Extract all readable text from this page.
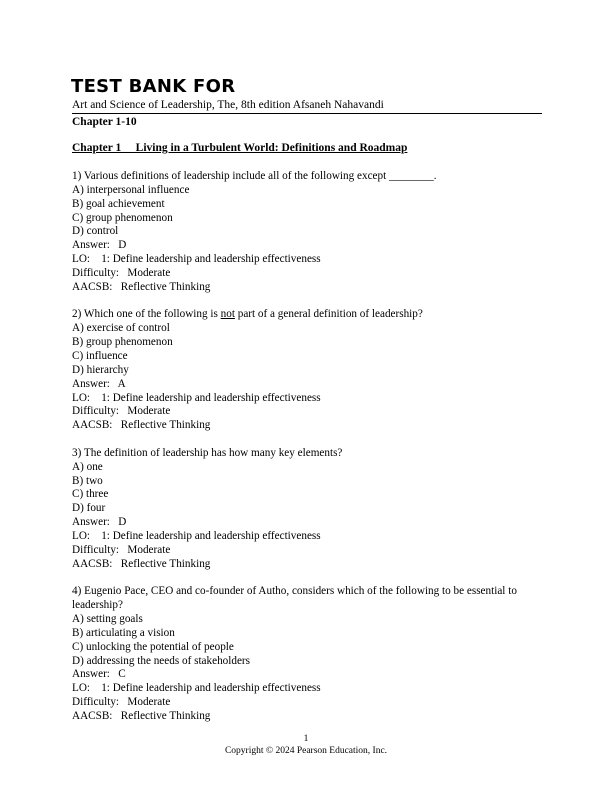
TEST BANK FOR
Art and Science of Leadership, The, 8th edition Afsaneh Nahavandi
Chapter 1-10
Chapter 1     Living in a Turbulent World: Definitions and Roadmap
1) Various definitions of leadership include all of the following except ________.
A) interpersonal influence
B) goal achievement
C) group phenomenon
D) control
Answer:   D
LO:    1: Define leadership and leadership effectiveness
Difficulty:   Moderate
AACSB:   Reflective Thinking
2) Which one of the following is not part of a general definition of leadership?
A) exercise of control
B) group phenomenon
C) influence
D) hierarchy
Answer:   A
LO:    1: Define leadership and leadership effectiveness
Difficulty:   Moderate
AACSB:   Reflective Thinking
3) The definition of leadership has how many key elements?
A) one
B) two
C) three
D) four
Answer:   D
LO:    1: Define leadership and leadership effectiveness
Difficulty:   Moderate
AACSB:   Reflective Thinking
4) Eugenio Pace, CEO and co-founder of Autho, considers which of the following to be essential to leadership?
A) setting goals
B) articulating a vision
C) unlocking the potential of people
D) addressing the needs of stakeholders
Answer:   C
LO:    1: Define leadership and leadership effectiveness
Difficulty:   Moderate
AACSB:   Reflective Thinking
1
Copyright © 2024 Pearson Education, Inc.
